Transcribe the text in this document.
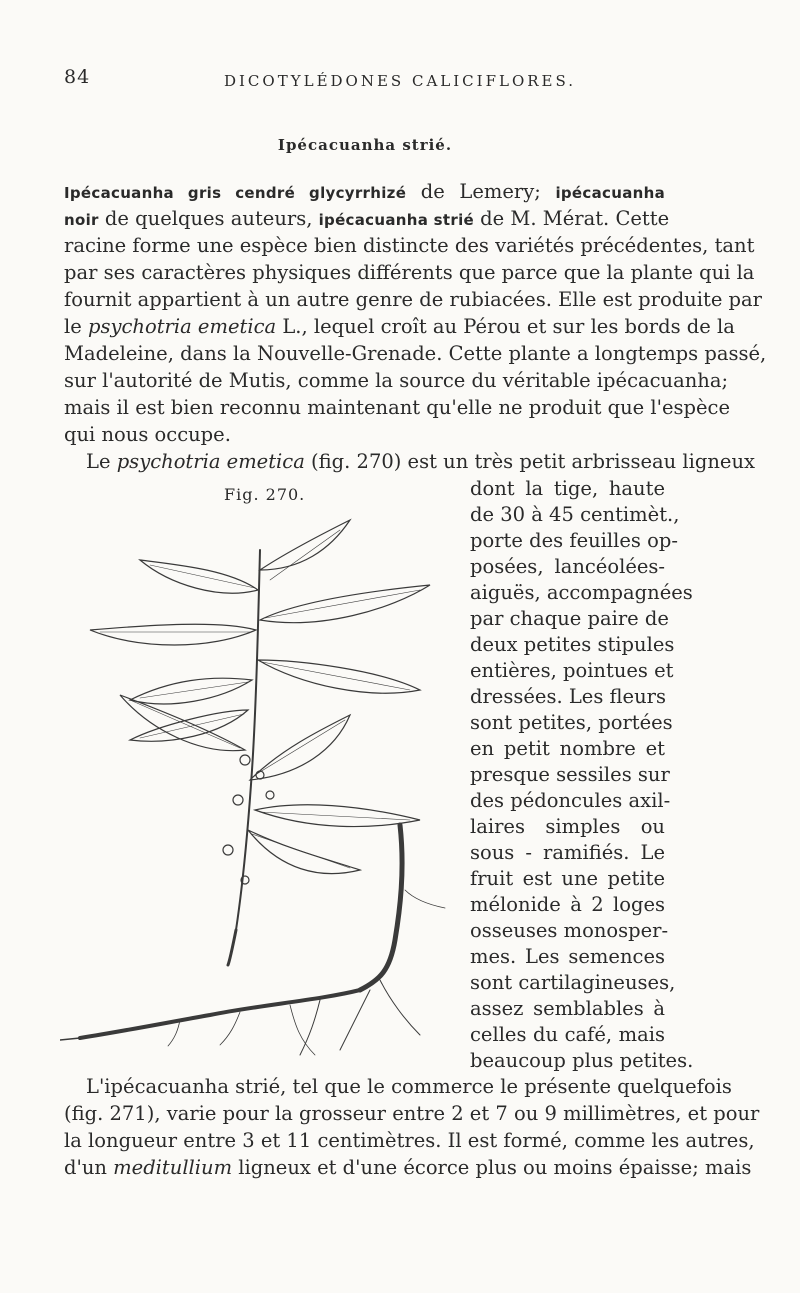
84	DICOTYLÉDONES CALICIFLORES.
Ipécacuanha strié.
Ipécacuanha gris cendré glycyrrhizé de Lemery; ipécacuanha
noir de quelques auteurs, ipécacuanha strié de M. Mérat. Cette
racine forme une espèce bien distincte des variétés précédentes, tant
par ses caractères physiques différents que parce que la plante qui la
fournit appartient à un autre genre de rubiacées. Elle est produite par
le psychotria emetica L., lequel croît au Pérou et sur les bords de la
Madeleine, dans la Nouvelle-Grenade. Cette plante a longtemps passé,
sur l'autorité de Mutis, comme la source du véritable ipécacuanha;
mais il est bien reconnu maintenant qu'elle ne produit que l'espèce
qui nous occupe.
Le psychotria emetica (fig. 270) est un très petit arbrisseau ligneux
dont la tige, haute
de 30 à 45 centimèt.,
porte des feuilles op-
posées, lancéolées-
aiguës, accompagnées
par chaque paire de
deux petites stipules
entières, pointues et
dressées. Les fleurs
sont petites, portées
en petit nombre et
presque sessiles sur
des pédoncules axil-
laires simples ou
sous - ramifiés. Le
fruit est une petite
mélonide à 2 loges
osseuses monosper-
mes. Les semences
sont cartilagineuses,
assez semblables à
celles du café, mais
beaucoup plus petites.
Fig. 270.
L'ipécacuanha strié, tel que le commerce le présente quelquefois
(fig. 271), varie pour la grosseur entre 2 et 7 ou 9 millimètres, et pour
la longueur entre 3 et 11 centimètres. Il est formé, comme les autres,
d'un meditullium ligneux et d'une écorce plus ou moins épaisse; mais
